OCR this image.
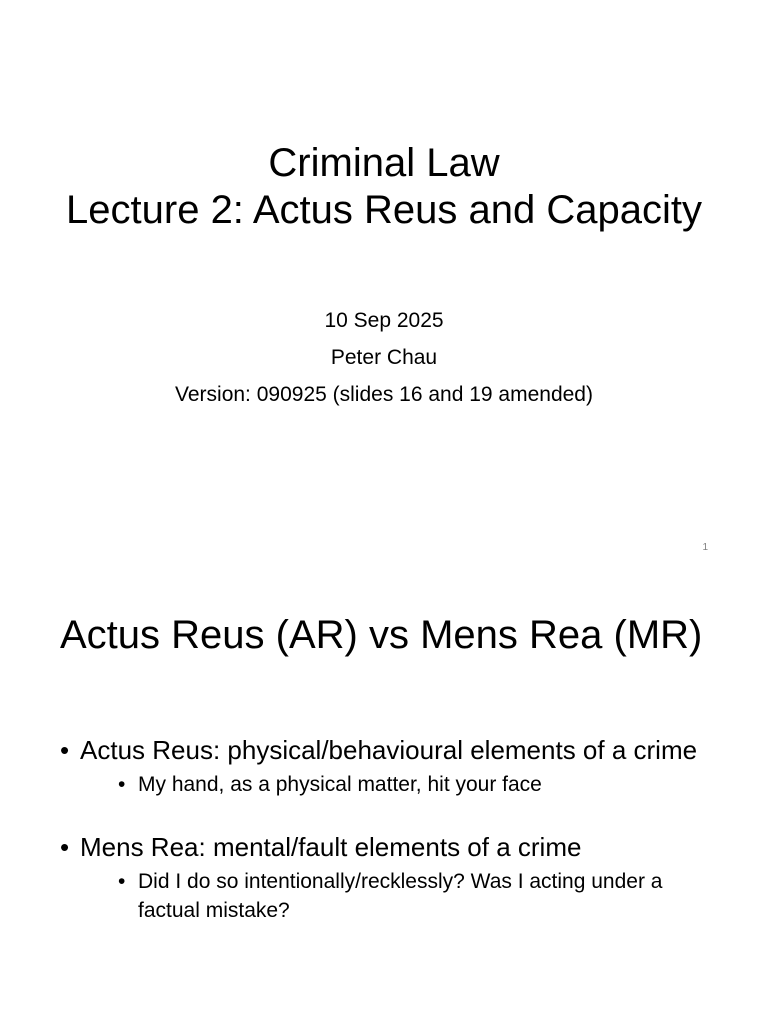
Criminal Law
Lecture 2: Actus Reus and Capacity
10 Sep 2025
Peter Chau
Version: 090925 (slides 16 and 19 amended)
1
Actus Reus (AR) vs Mens Rea (MR)
• Actus Reus: physical/behavioural elements of a crime
• My hand, as a physical matter, hit your face
• Mens Rea: mental/fault elements of a crime
• Did I do so intentionally/recklessly? Was I acting under a factual mistake?
